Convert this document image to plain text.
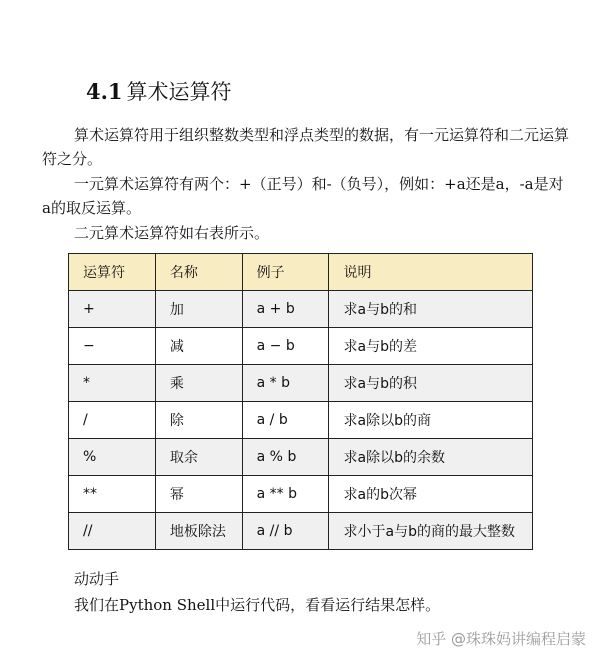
4.1 算术运算符
算术运算符用于组织整数类型和浮点类型的数据，有一元运算符和二元运算符之分。
一元算术运算符有两个：+（正号）和-（负号），例如：+a还是a，-a是对a的取反运算。
二元算术运算符如右表所示。
运算符	名称	例子	说明
+	加	a + b	求a与b的和
−	减	a − b	求a与b的差
*	乘	a * b	求a与b的积
/	除	a / b	求a除以b的商
%	取余	a % b	求a除以b的余数
**	幂	a ** b	求a的b次幂
//	地板除法	a // b	求小于a与b的商的最大整数
动动手
我们在Python Shell中运行代码，看看运行结果怎样。
知乎 @珠珠妈讲编程启蒙
